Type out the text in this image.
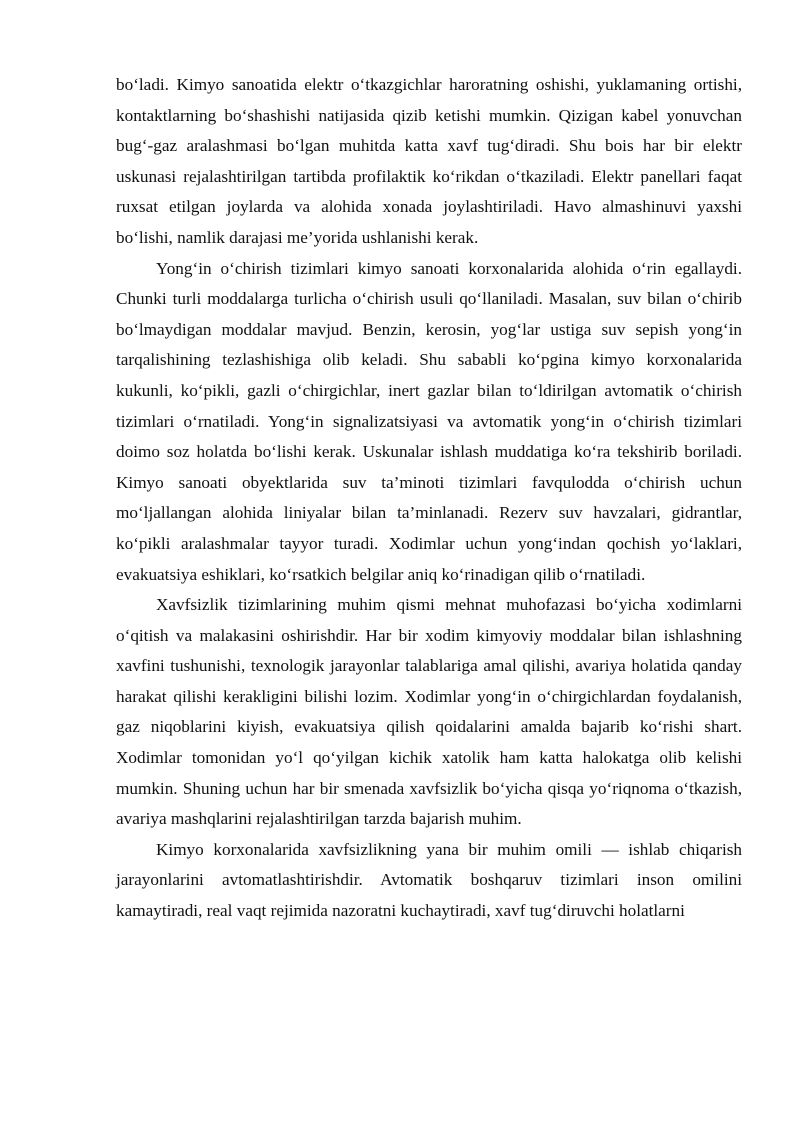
bo‘ladi. Kimyo sanoatida elektr o‘tkazgichlar haroratning oshishi, yuklamaning ortishi, kontaktlarning bo‘shashishi natijasida qizib ketishi mumkin. Qizigan kabel yonuvchan bug‘-gaz aralashmasi bo‘lgan muhitda katta xavf tug‘diradi. Shu bois har bir elektr uskunasi rejalashtirilgan tartibda profilaktik ko‘rikdan o‘tkaziladi. Elektr panellari faqat ruxsat etilgan joylarda va alohida xonada joylashtiriladi. Havo almashinuvi yaxshi bo‘lishi, namlik darajasi me’yorida ushlanishi kerak.

Yong‘in o‘chirish tizimlari kimyo sanoati korxonalarida alohida o‘rin egallaydi. Chunki turli moddalarga turlicha o‘chirish usuli qo‘llaniladi. Masalan, suv bilan o‘chirib bo‘lmaydigan moddalar mavjud. Benzin, kerosin, yog‘lar ustiga suv sepish yong‘in tarqalishining tezlashishiga olib keladi. Shu sababli ko‘pgina kimyo korxonalarida kukunli, ko‘pikli, gazli o‘chirgichlar, inert gazlar bilan to‘ldirilgan avtomatik o‘chirish tizimlari o‘rnatiladi. Yong‘in signalizatsiyasi va avtomatik yong‘in o‘chirish tizimlari doimo soz holatda bo‘lishi kerak. Uskunalar ishlash muddatiga ko‘ra tekshirib boriladi. Kimyo sanoati obyektlarida suv ta’minoti tizimlari favqulodda o‘chirish uchun mo‘ljallangan alohida liniyalar bilan ta’minlanadi. Rezerv suv havzalari, gidrantlar, ko‘pikli aralashmalar tayyor turadi. Xodimlar uchun yong‘indan qochish yo‘laklari, evakuatsiya eshiklari, ko‘rsatkich belgilar aniq ko‘rinadigan qilib o‘rnatiladi.

Xavfsizlik tizimlarining muhim qismi mehnat muhofazasi bo‘yicha xodimlarni o‘qitish va malakasini oshirishdir. Har bir xodim kimyoviy moddalar bilan ishlashning xavfini tushunishi, texnologik jarayonlar talablariga amal qilishi, avariya holatida qanday harakat qilishi kerakligini bilishi lozim. Xodimlar yong‘in o‘chirgichlardan foydalanish, gaz niqoblarini kiyish, evakuatsiya qilish qoidalarini amalda bajarib ko‘rishi shart. Xodimlar tomonidan yo‘l qo‘yilgan kichik xatolik ham katta halokatga olib kelishi mumkin. Shuning uchun har bir smenada xavfsizlik bo‘yicha qisqa yo‘riqnoma o‘tkazish, avariya mashqlarini rejalashtirilgan tarzda bajarish muhim.

Kimyo korxonalarida xavfsizlikning yana bir muhim omili — ishlab chiqarish jarayonlarini avtomatlashtirishdir. Avtomatik boshqaruv tizimlari inson omilini kamaytiradi, real vaqt rejimida nazoratni kuchaytiradi, xavf tug‘diruvchi holatlarni
